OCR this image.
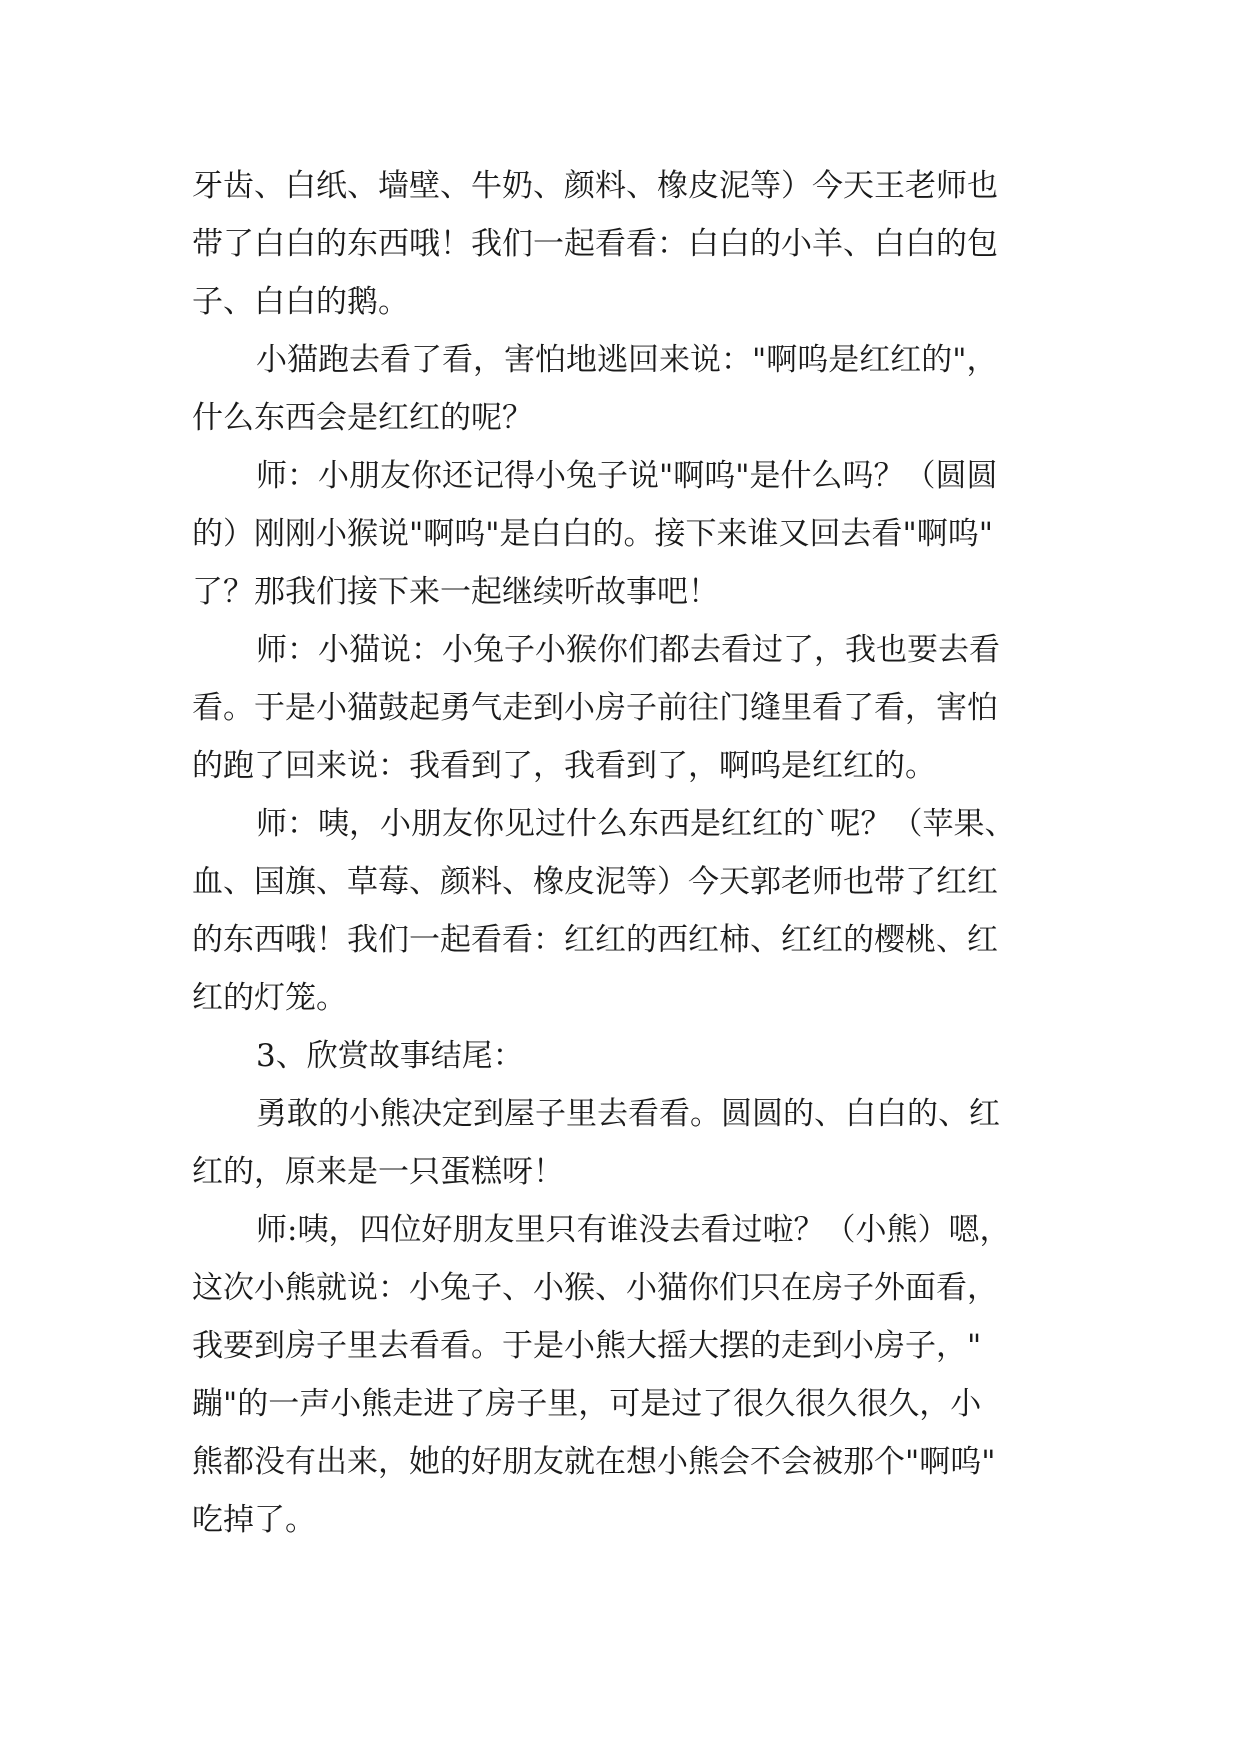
牙齿、白纸、墙壁、牛奶、颜料、橡皮泥等）今天王老师也
带了白白的东西哦！我们一起看看：白白的小羊、白白的包
子、白白的鹅。
小猫跑去看了看，害怕地逃回来说："啊呜是红红的"，
什么东西会是红红的呢？
师：小朋友你还记得小兔子说"啊呜"是什么吗？（圆圆
的）刚刚小猴说"啊呜"是白白的。接下来谁又回去看"啊呜"
了？那我们接下来一起继续听故事吧！
师：小猫说：小兔子小猴你们都去看过了，我也要去看
看。于是小猫鼓起勇气走到小房子前往门缝里看了看，害怕
的跑了回来说：我看到了，我看到了，啊呜是红红的。
师：咦，小朋友你见过什么东西是红红的`呢？（苹果、
血、国旗、草莓、颜料、橡皮泥等）今天郭老师也带了红红
的东西哦！我们一起看看：红红的西红柿、红红的樱桃、红
红的灯笼。
3、欣赏故事结尾：
勇敢的小熊决定到屋子里去看看。圆圆的、白白的、红
红的，原来是一只蛋糕呀！
师:咦，四位好朋友里只有谁没去看过啦？（小熊）嗯，
这次小熊就说：小兔子、小猴、小猫你们只在房子外面看，
我要到房子里去看看。于是小熊大摇大摆的走到小房子，"
蹦"的一声小熊走进了房子里，可是过了很久很久很久，小
熊都没有出来，她的好朋友就在想小熊会不会被那个"啊呜"
吃掉了。
